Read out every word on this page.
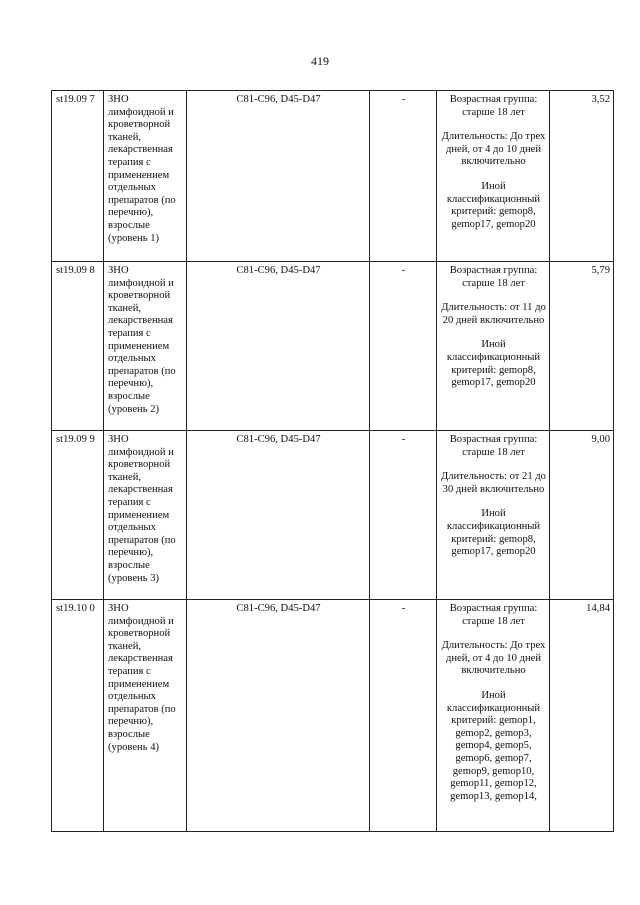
419
st19.09 7	ЗНО лимфоидной и кроветворной тканей, лекарственная терапия с применением отдельных препаратов (по перечню), взрослые (уровень 1)	C81-C96, D45-D47	-	Возрастная группа: старше 18 лет
Длительность: До трех дней, от 4 до 10 дней включительно
Иной классификационный критерий: gemop8, gemop17, gemop20	3,52
st19.09 8	ЗНО лимфоидной и кроветворной тканей, лекарственная терапия с применением отдельных препаратов (по перечню), взрослые (уровень 2)	C81-C96, D45-D47	-	Возрастная группа: старше 18 лет
Длительность: от 11 до 20 дней включительно
Иной классификационный критерий: gemop8, gemop17, gemop20	5,79
st19.09 9	ЗНО лимфоидной и кроветворной тканей, лекарственная терапия с применением отдельных препаратов (по перечню), взрослые (уровень 3)	C81-C96, D45-D47	-	Возрастная группа: старше 18 лет
Длительность: от 21 до 30 дней включительно
Иной классификационный критерий: gemop8, gemop17, gemop20	9,00
st19.10 0	ЗНО лимфоидной и кроветворной тканей, лекарственная терапия с применением отдельных препаратов (по перечню), взрослые (уровень 4)	C81-C96, D45-D47	-	Возрастная группа: старше 18 лет
Длительность: До трех дней, от 4 до 10 дней включительно
Иной классификационный критерий: gemop1, gemop2, gemop3, gemop4, gemop5, gemop6, gemop7, gemop9, gemop10, gemop11, gemop12, gemop13, gemop14,	14,84
